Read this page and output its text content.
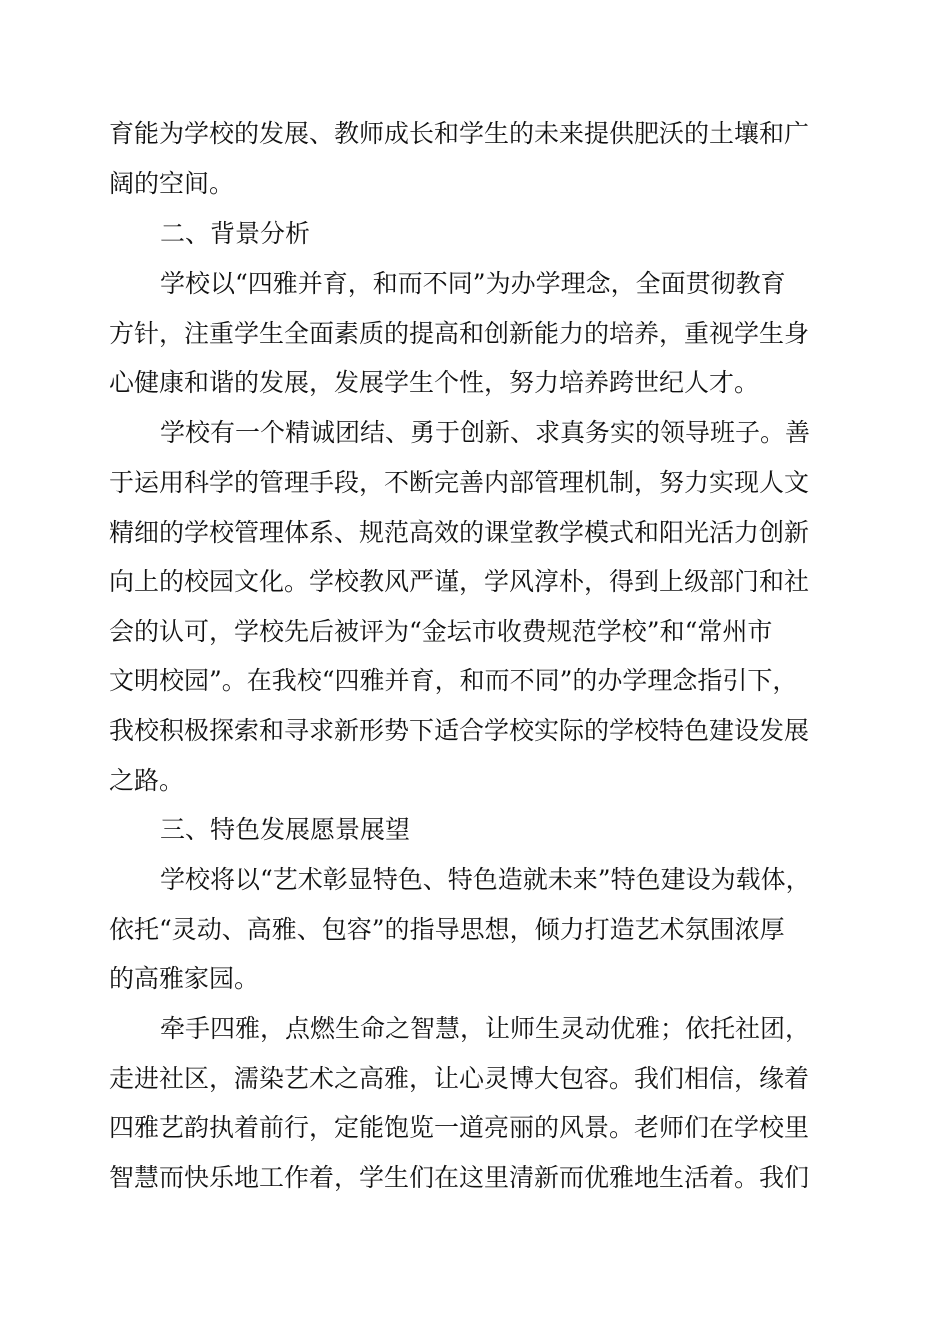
育能为学校的发展、教师成长和学生的未来提供肥沃的土壤和广
阔的空间。
二、背景分析
学校以“四雅并育，和而不同”为办学理念，全面贯彻教育
方针，注重学生全面素质的提高和创新能力的培养，重视学生身
心健康和谐的发展，发展学生个性，努力培养跨世纪人才。
学校有一个精诚团结、勇于创新、求真务实的领导班子。善
于运用科学的管理手段，不断完善内部管理机制，努力实现人文
精细的学校管理体系、规范高效的课堂教学模式和阳光活力创新
向上的校园文化。学校教风严谨，学风淳朴，得到上级部门和社
会的认可，学校先后被评为“金坛市收费规范学校”和“常州市
文明校园”。在我校“四雅并育，和而不同”的办学理念指引下，
我校积极探索和寻求新形势下适合学校实际的学校特色建设发展
之路。
三、特色发展愿景展望
学校将以“艺术彰显特色、特色造就未来”特色建设为载体，
依托“灵动、高雅、包容”的指导思想，倾力打造艺术氛围浓厚
的高雅家园。
牵手四雅，点燃生命之智慧，让师生灵动优雅；依托社团，
走进社区，濡染艺术之高雅，让心灵博大包容。我们相信，缘着
四雅艺韵执着前行，定能饱览一道亮丽的风景。老师们在学校里
智慧而快乐地工作着，学生们在这里清新而优雅地生活着。我们
